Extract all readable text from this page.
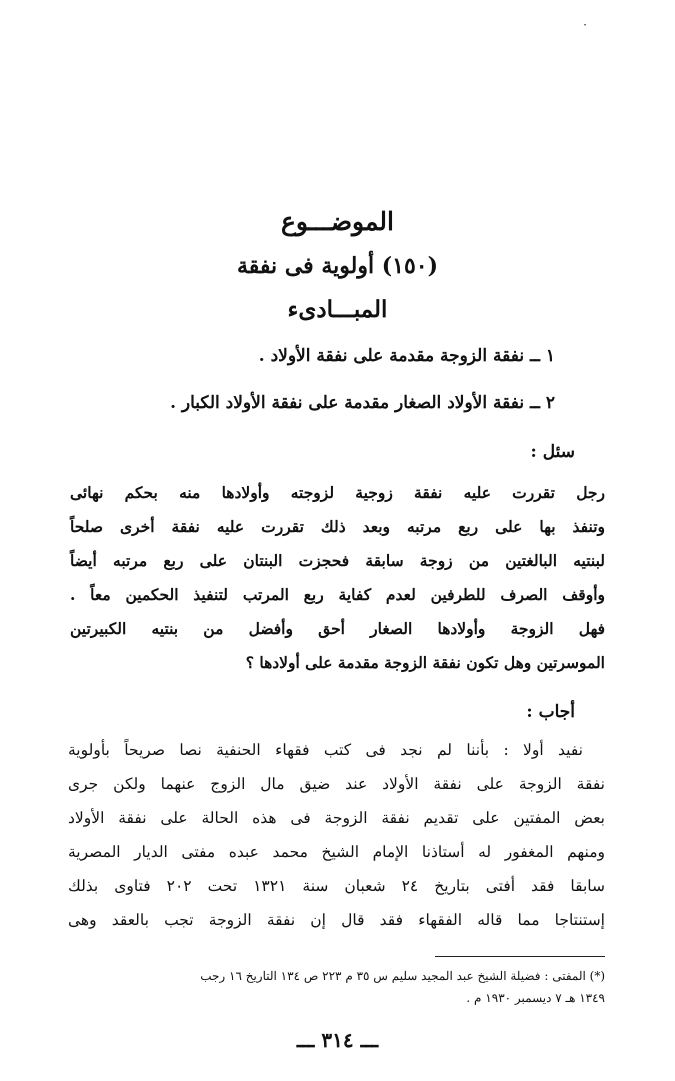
·
الموضـــوع
(١٥٠) أولوية فى نفقة
المبـــادىء
١ ــ نفقة الزوجة مقدمة على نفقة الأولاد .
٢ ــ نفقة الأولاد الصغار مقدمة على نفقة الأولاد الكبار .
سئل :
رجل تقررت عليه نفقة زوجية لزوجته وأولادها منه بحكم نهائى
وتنفذ بها على ربع مرتبه وبعد ذلك تقررت عليه نفقة أخرى صلحاً
لبنتيه البالغتين من زوجة سابقة فحجزت البنتان على ربع مرتبه أيضاً
وأوقف الصرف للطرفين لعدم كفاية ربع المرتب لتنفيذ الحكمين معاً .
فهل الزوجة وأولادها الصغار أحق وأفضل من بنتيه الكبيرتين
الموسرتين وهل تكون نفقة الزوجة مقدمة على أولادها ؟
أجاب :
نفيد أولا : بأننا لم نجد فى كتب فقهاء الحنفية نصا صريحاً بأولوية
نفقة الزوجة على نفقة الأولاد عند ضيق مال الزوج عنهما ولكن جرى
بعض المفتين على تقديم نفقة الزوجة فى هذه الحالة على نفقة الأولاد
ومنهم المغفور له أستاذنا الإمام الشيخ محمد عبده مفتى الديار المصرية
سابقا فقد أفتى بتاريخ ٢٤ شعبان سنة ١٣٢١ تحت ٢٠٢ فتاوى بذلك
إستنتاجا مما قاله الفقهاء فقد قال إن نفقة الزوجة تجب بالعقد وهى
(*) المفتى : فضيلة الشيخ عبد المجيد سليم س ٣٥ م ٢٢٣ ص ١٣٤ التاريخ ١٦ رجب
١٣٤٩ هـ ٧ ديسمبر ١٩٣٠ م .
ـــ ٣١٤ ـــ
